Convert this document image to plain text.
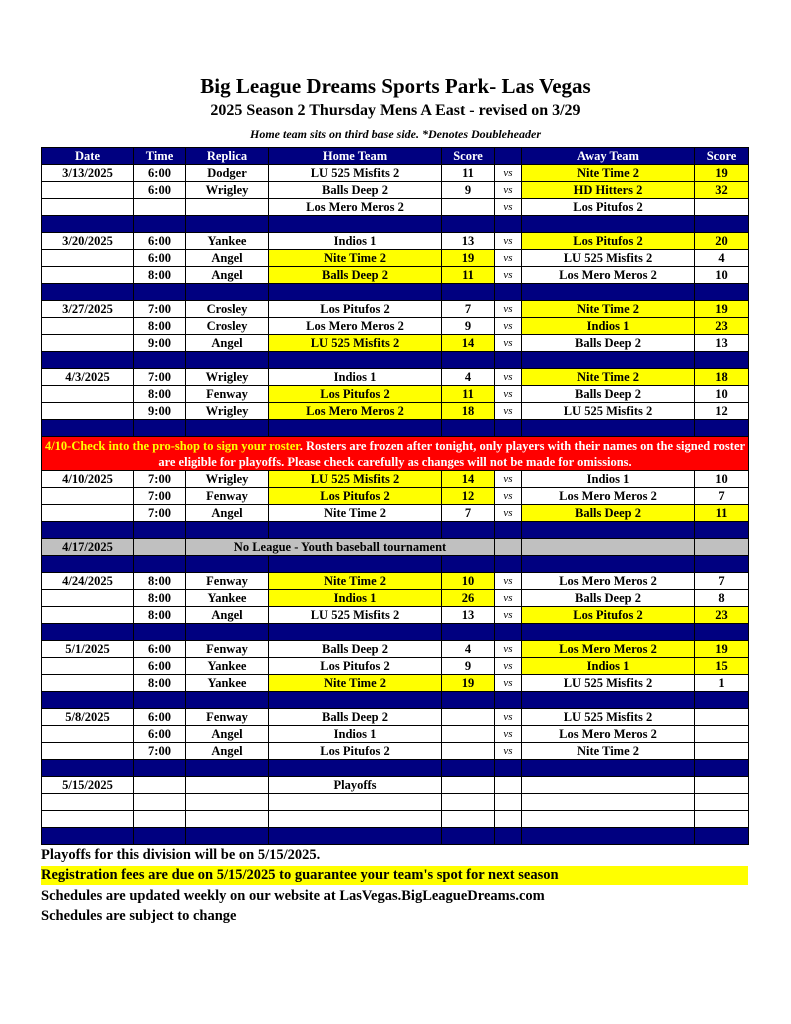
Big League Dreams Sports Park- Las Vegas
2025 Season 2 Thursday Mens A East - revised on 3/29
Home team sits on third base side. *Denotes Doubleheader
Date	Time	Replica	Home Team	Score		Away Team	Score
3/13/2025	6:00	Dodger	LU 525 Misfits 2	11	vs	Nite Time 2	19
	6:00	Wrigley	Balls Deep 2	9	vs	HD Hitters 2	32
			Los Mero Meros 2		vs	Los Pitufos 2	

3/20/2025	6:00	Yankee	Indios 1	13	vs	Los Pitufos 2	20
	6:00	Angel	Nite Time 2	19	vs	LU 525 Misfits 2	4
	8:00	Angel	Balls Deep 2	11	vs	Los Mero Meros 2	10

3/27/2025	7:00	Crosley	Los Pitufos 2	7	vs	Nite Time 2	19
	8:00	Crosley	Los Mero Meros 2	9	vs	Indios 1	23
	9:00	Angel	LU 525 Misfits 2	14	vs	Balls Deep 2	13

4/3/2025	7:00	Wrigley	Indios 1	4	vs	Nite Time 2	18
	8:00	Fenway	Los Pitufos 2	11	vs	Balls Deep 2	10
	9:00	Wrigley	Los Mero Meros 2	18	vs	LU 525 Misfits 2	12

4/10-Check into the pro-shop to sign your roster. Rosters are frozen after tonight, only players with their names on the signed roster are eligible for playoffs. Please check carefully as changes will not be made for omissions.							
4/10/2025	7:00	Wrigley	LU 525 Misfits 2	14	vs	Indios 1	10
	7:00	Fenway	Los Pitufos 2	12	vs	Los Mero Meros 2	7
	7:00	Angel	Nite Time 2	7	vs	Balls Deep 2	11

4/17/2025		No League - Youth baseball tournament					

4/24/2025	8:00	Fenway	Nite Time 2	10	vs	Los Mero Meros 2	7
	8:00	Yankee	Indios 1	26	vs	Balls Deep 2	8
	8:00	Angel	LU 525 Misfits 2	13	vs	Los Pitufos 2	23

5/1/2025	6:00	Fenway	Balls Deep 2	4	vs	Los Mero Meros 2	19
	6:00	Yankee	Los Pitufos 2	9	vs	Indios 1	15
	8:00	Yankee	Nite Time 2	19	vs	LU 525 Misfits 2	1

5/8/2025	6:00	Fenway	Balls Deep 2		vs	LU 525 Misfits 2	
	6:00	Angel	Indios 1		vs	Los Mero Meros 2	
	7:00	Angel	Los Pitufos 2		vs	Nite Time 2	

5/15/2025			Playoffs				

Playoffs for this division will be on 5/15/2025.
Registration fees are due on 5/15/2025 to guarantee your team's spot for next season
Schedules are updated weekly on our website at LasVegas.BigLeagueDreams.com
Schedules are subject to change
